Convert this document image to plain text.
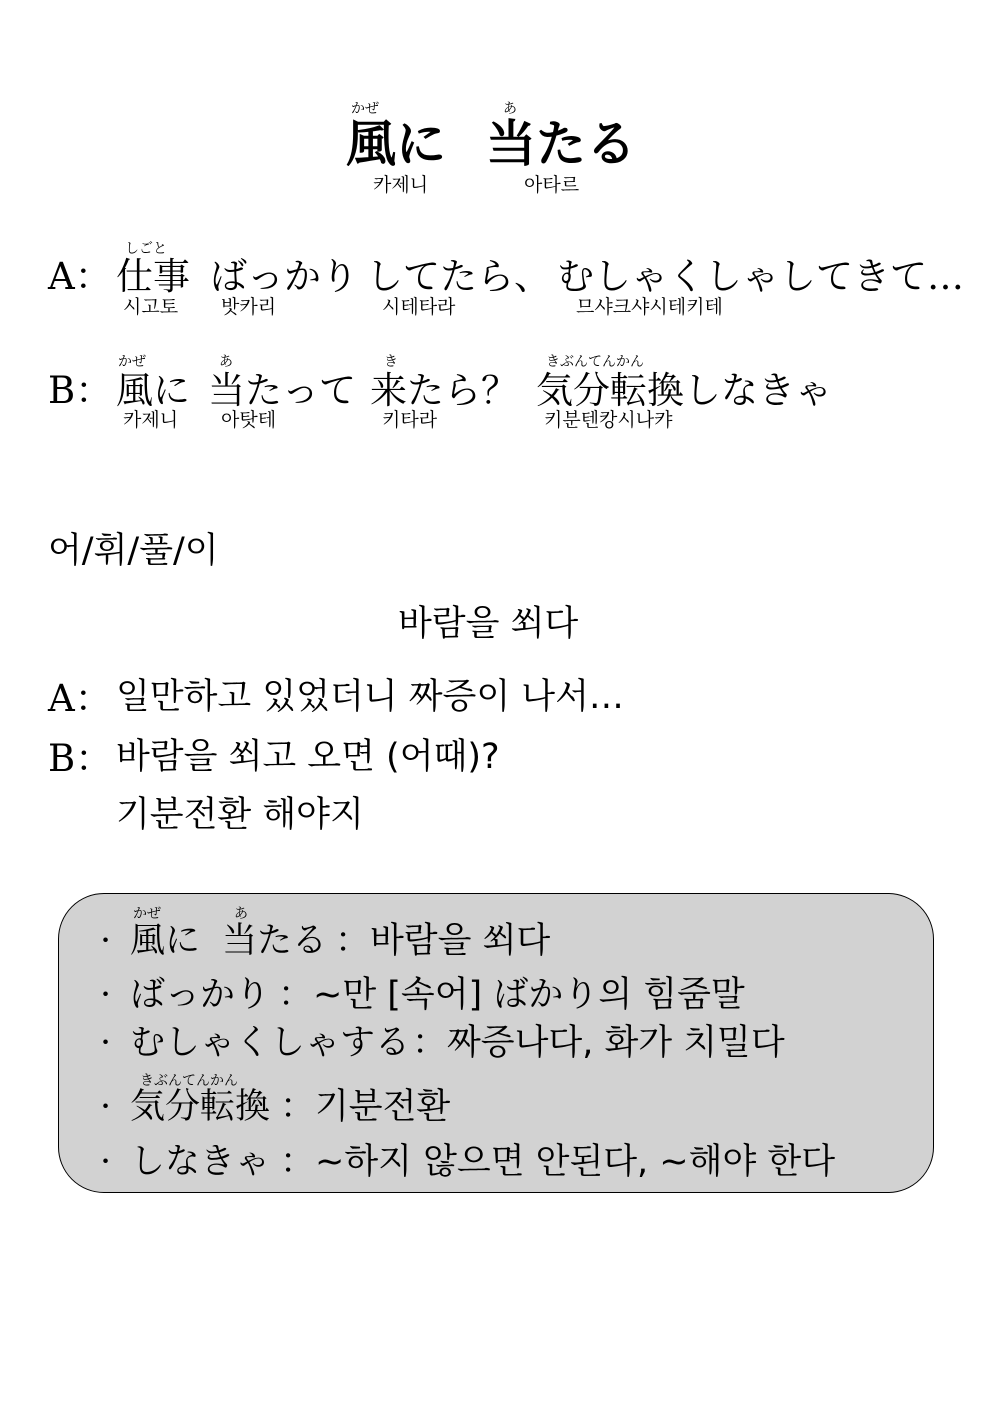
かぜ	あ
風に 当たる
카제니	아타르
しごと
A： 仕事 ばっかり してたら、 むしゃくしゃしてきて…
시고토 밧카리	시테타라	므샤크샤시테키테
かぜ	あ	き	きぶんてんかん
B： 風に 当たって 来たら？ 気分転換しなきゃ
카제니 아탓테	키타라	키분텐캉시나캬
어/휘/풀/이
바람을 쐬다
A： 일만하고 있었더니 짜증이 나서…
B： 바람을 쐬고 오면 (어때)?
기분전환 해야지
かぜ	あ
· 風に 当たる ：바람을 쐬다
· ばっかり ：~만 [속어] ばかり의 힘줌말
· むしゃくしゃする ：짜증나다, 화가 치밀다
きぶんてんかん
· 気分転換 ：기분전환
· しなきゃ ：~하지 않으면 안된다, ~해야 한다
